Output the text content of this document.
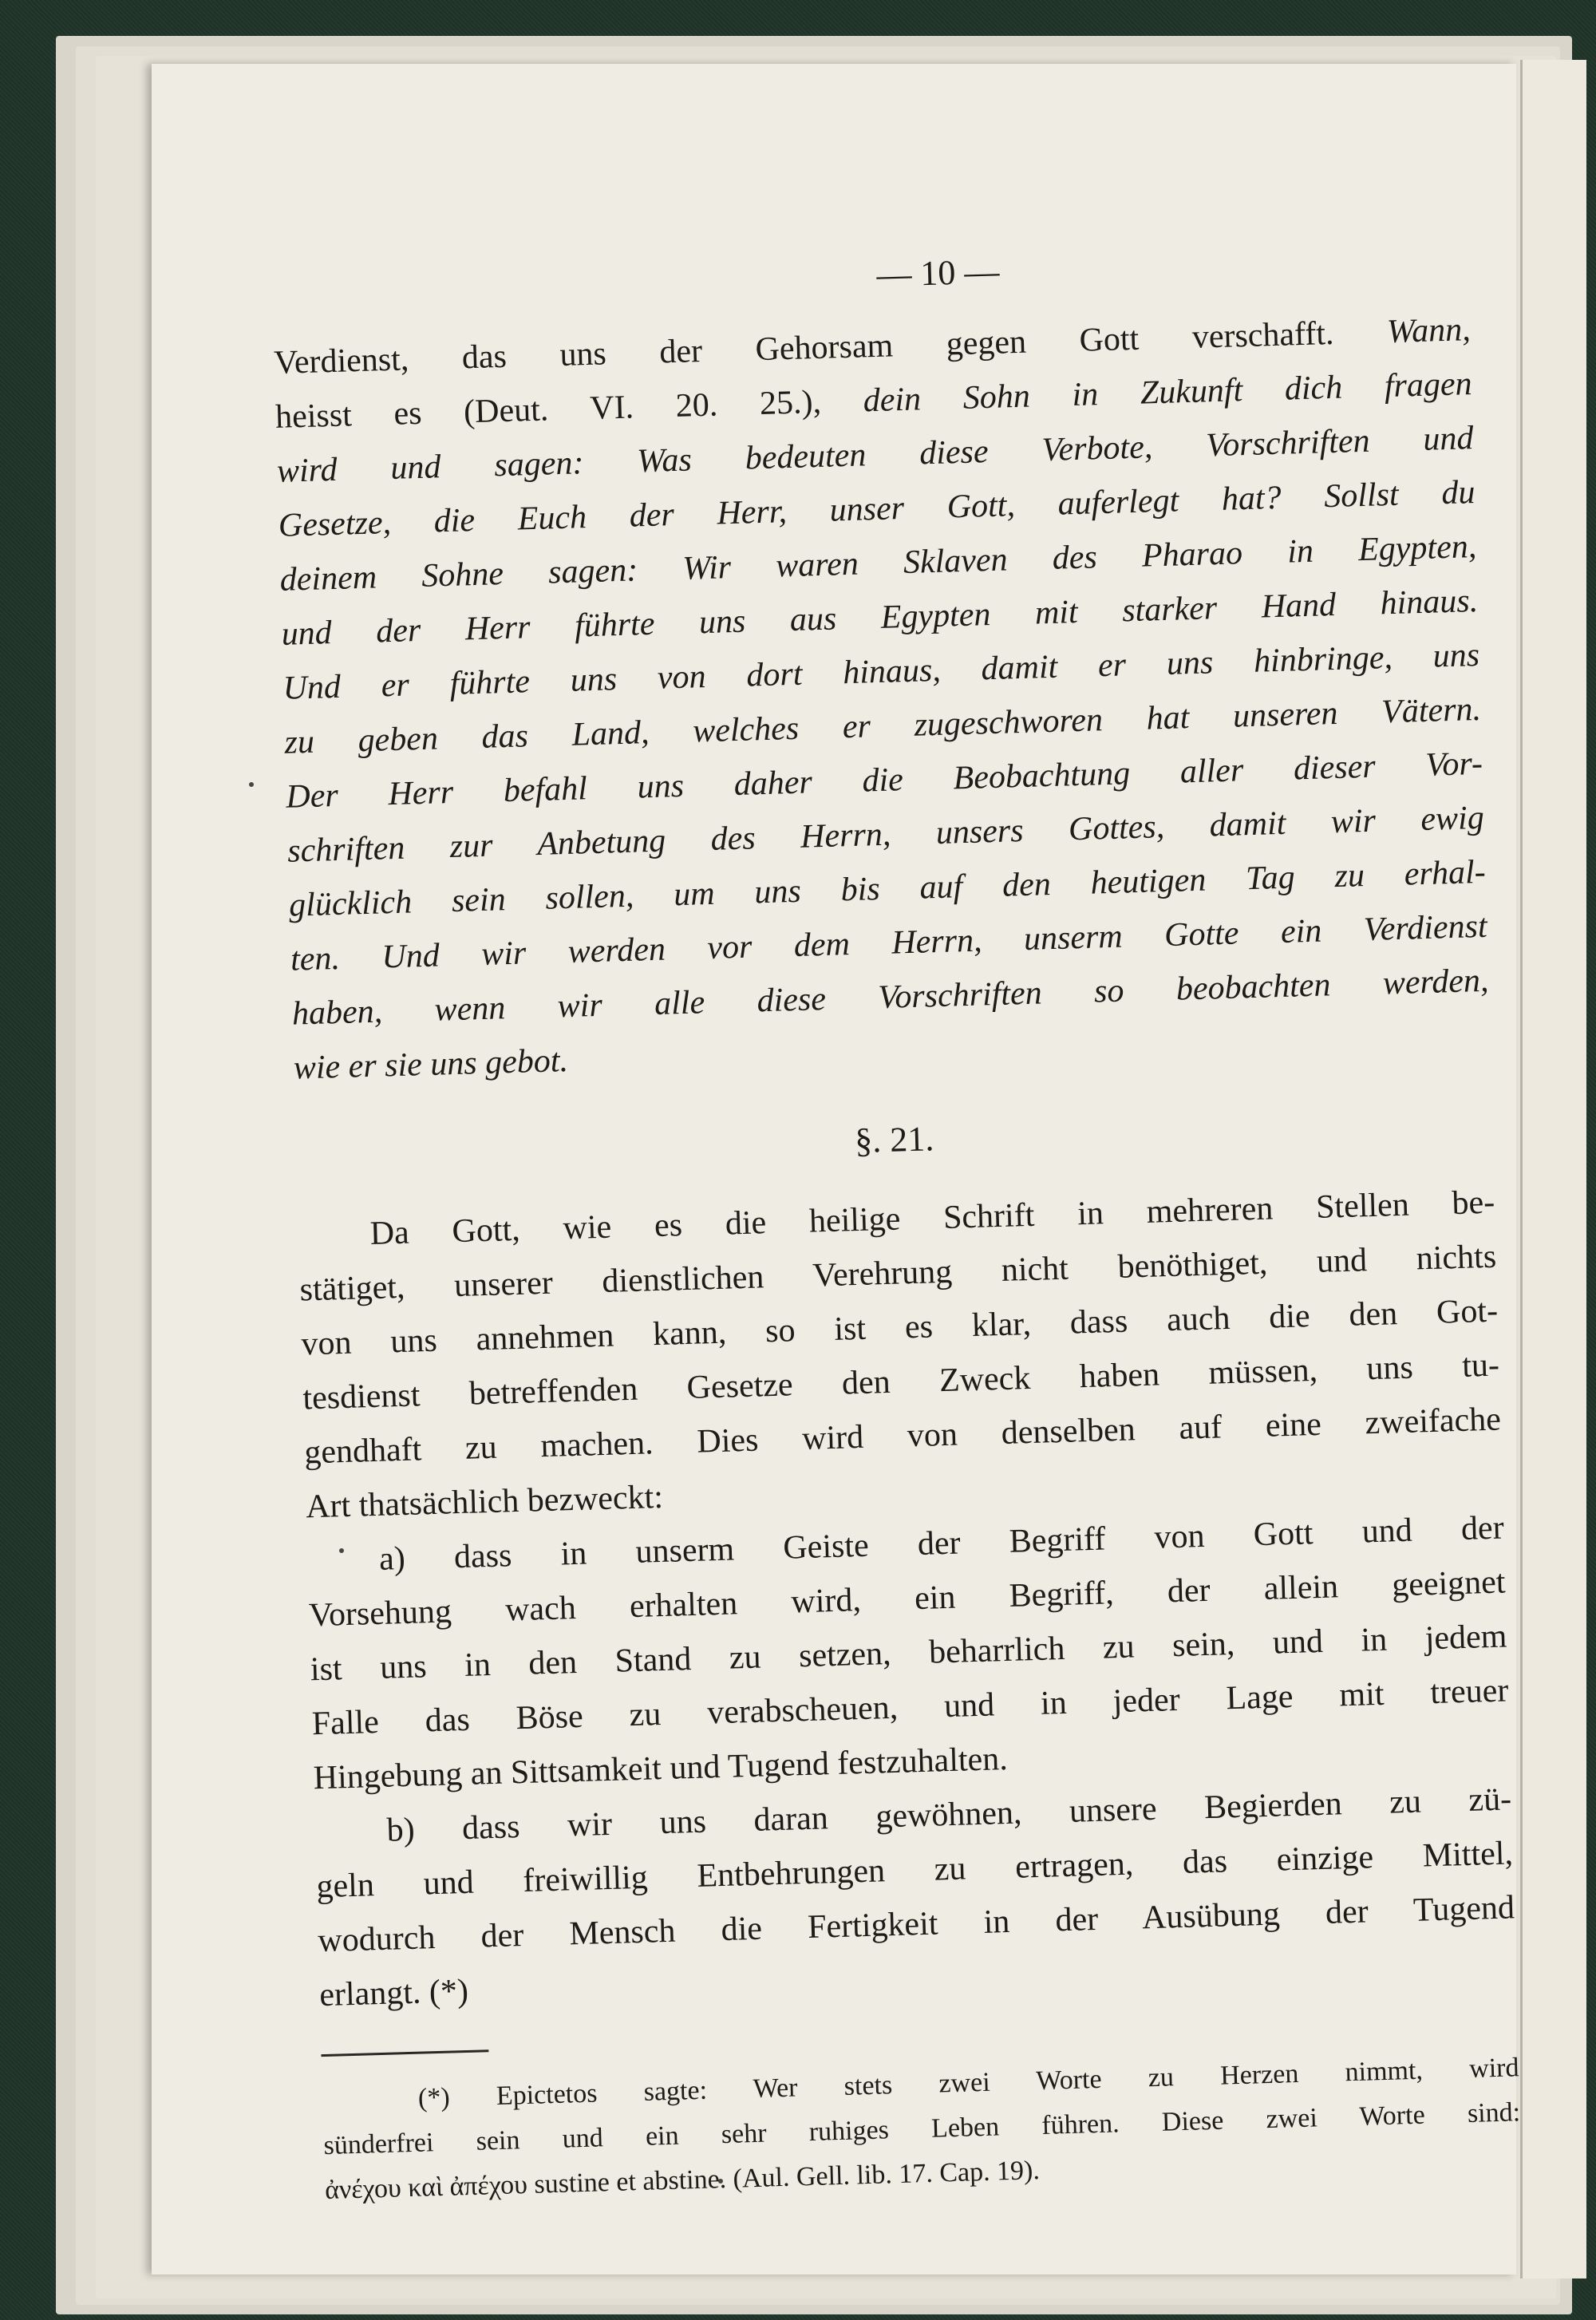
— 10 —
Verdienst, das uns der Gehorsam gegen Gott verschafft. Wann,
heisst es (Deut. VI. 20. 25.), dein Sohn in Zukunft dich fragen
wird und sagen: Was bedeuten diese Verbote, Vorschriften und
Gesetze, die Euch der Herr, unser Gott, auferlegt hat? Sollst du
deinem Sohne sagen: Wir waren Sklaven des Pharao in Egypten,
und der Herr führte uns aus Egypten mit starker Hand hinaus.
Und er führte uns von dort hinaus, damit er uns hinbringe, uns
zu geben das Land, welches er zugeschworen hat unseren Vätern.
Der Herr befahl uns daher die Beobachtung aller dieser Vor-
schriften zur Anbetung des Herrn, unsers Gottes, damit wir ewig
glücklich sein sollen, um uns bis auf den heutigen Tag zu erhal-
ten. Und wir werden vor dem Herrn, unserm Gotte ein Verdienst
haben, wenn wir alle diese Vorschriften so beobachten werden,
wie er sie uns gebot.
§. 21.
Da Gott, wie es die heilige Schrift in mehreren Stellen be-
stätiget, unserer dienstlichen Verehrung nicht benöthiget, und nichts
von uns annehmen kann, so ist es klar, dass auch die den Got-
tesdienst betreffenden Gesetze den Zweck haben müssen, uns tu-
gendhaft zu machen. Dies wird von denselben auf eine zweifache
Art thatsächlich bezweckt:
a) dass in unserm Geiste der Begriff von Gott und der
Vorsehung wach erhalten wird, ein Begriff, der allein geeignet
ist uns in den Stand zu setzen, beharrlich zu sein, und in jedem
Falle das Böse zu verabscheuen, und in jeder Lage mit treuer
Hingebung an Sittsamkeit und Tugend festzuhalten.
b) dass wir uns daran gewöhnen, unsere Begierden zu zü-
geln und freiwillig Entbehrungen zu ertragen, das einzige Mittel,
wodurch der Mensch die Fertigkeit in der Ausübung der Tugend
erlangt. (*)
(*) Epictetos sagte: Wer stets zwei Worte zu Herzen nimmt, wird
sünderfrei sein und ein sehr ruhiges Leben führen. Diese zwei Worte sind:
ἀνέχου καὶ ἀπέχου sustine et abstine. (Aul. Gell. lib. 17. Cap. 19).
